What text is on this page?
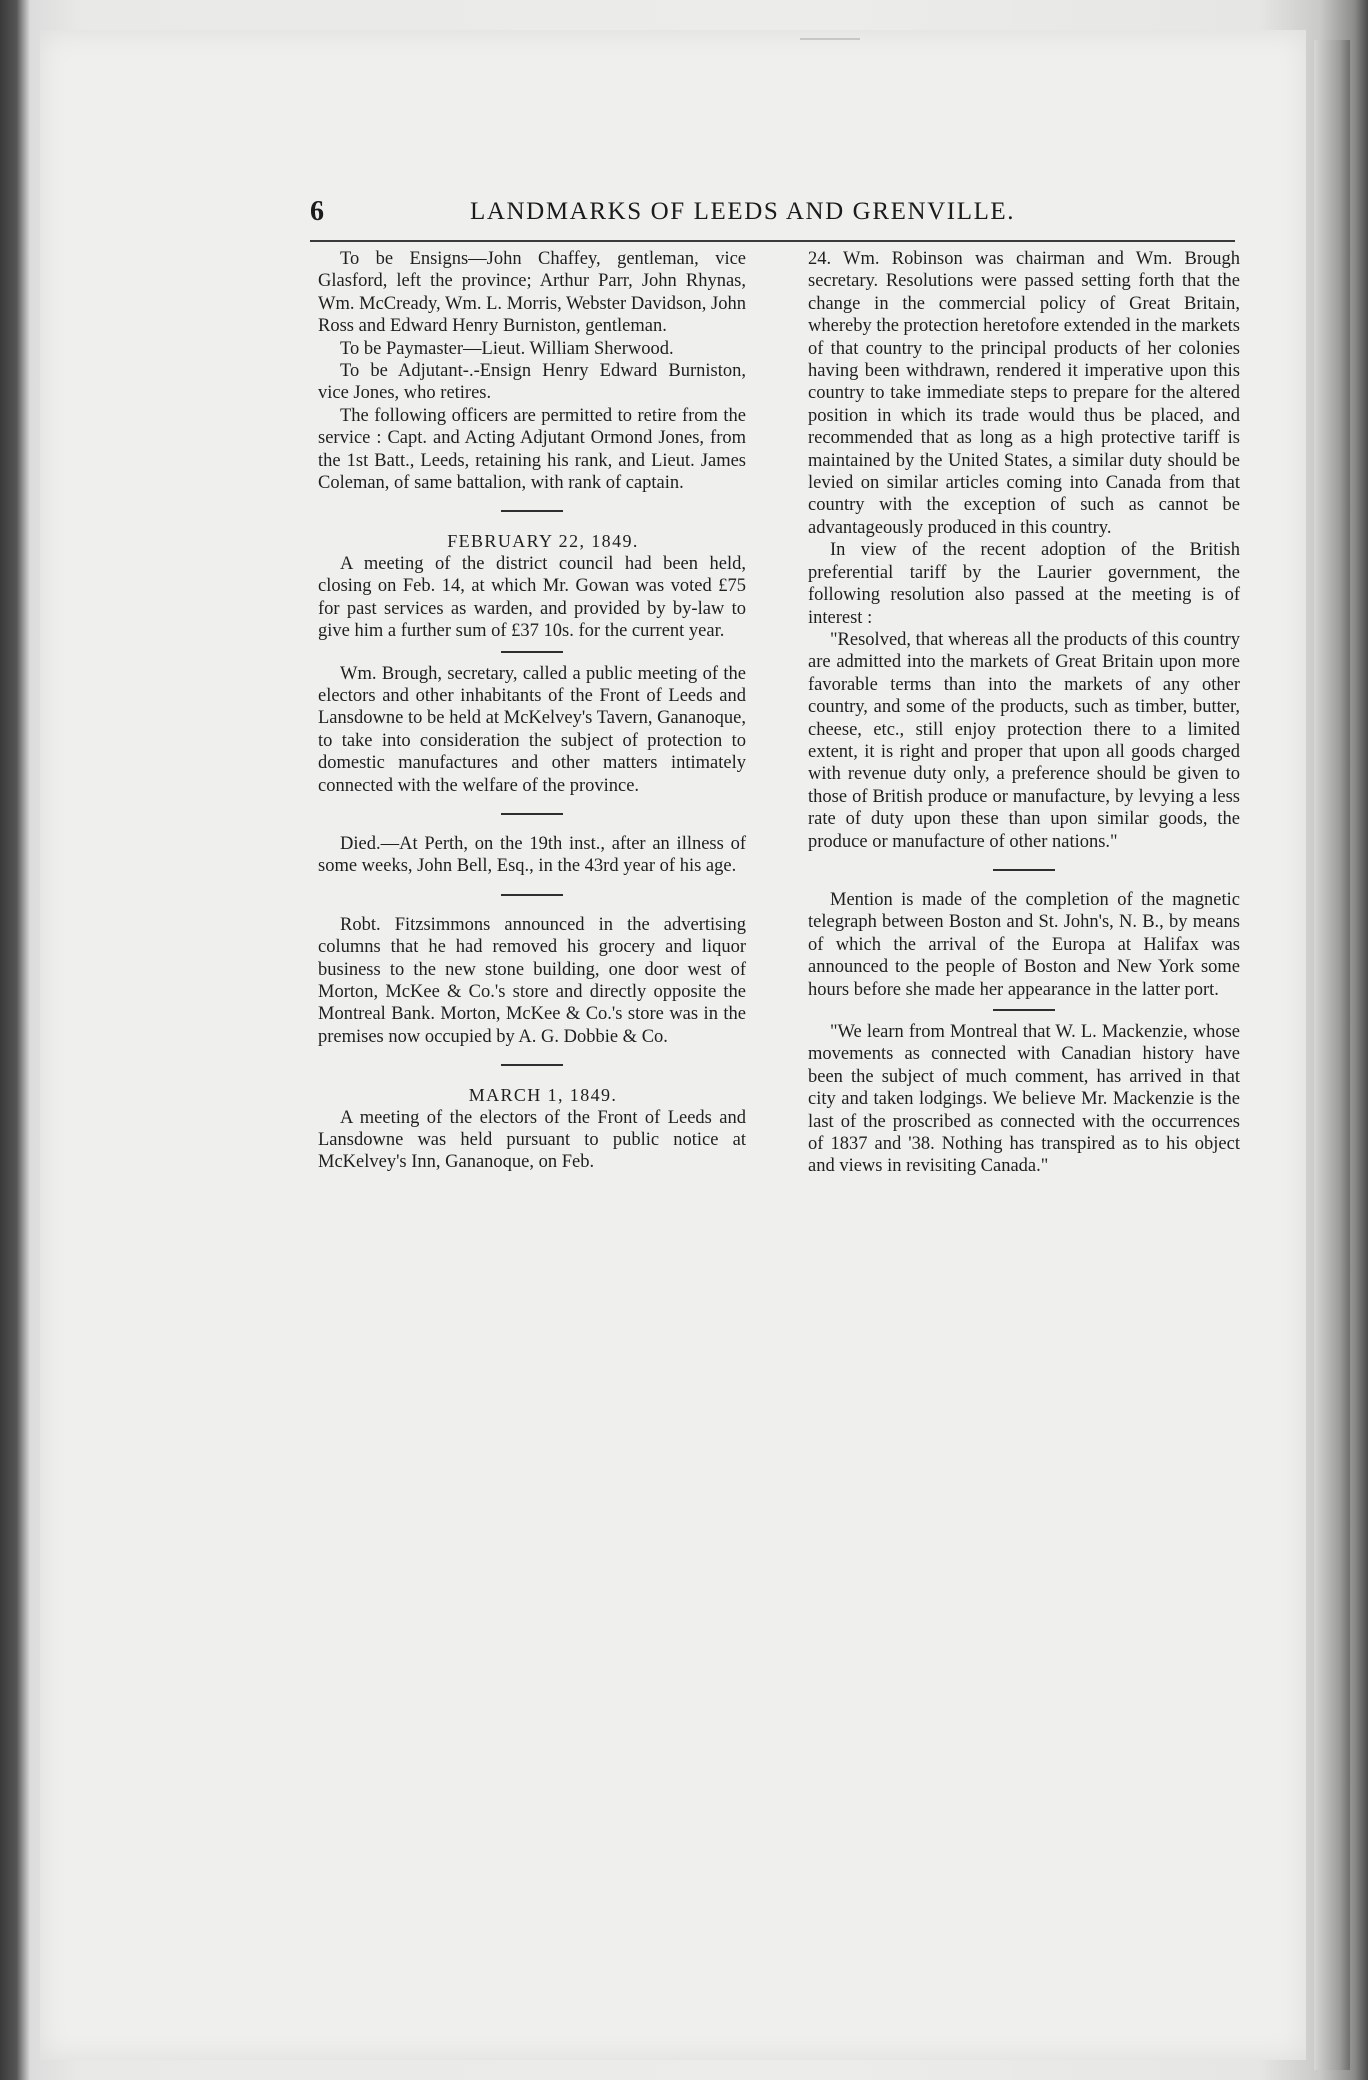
6	LANDMARKS OF LEEDS AND GRENVILLE.

To be Ensigns—John Chaffey, gentleman, vice Glasford, left the province; Arthur Parr, John Rhynas, Wm. McCready, Wm. L. Morris, Webster Davidson, John Ross and Edward Henry Burniston, gentleman.

To be Paymaster—Lieut. William Sherwood.

To be Adjutant-.-Ensign Henry Edward Burniston, vice Jones, who retires.

The following officers are permitted to retire from the service : Capt. and Acting Adjutant Ormond Jones, from the 1st Batt., Leeds, retaining his rank, and Lieut. James Coleman, of same battalion, with rank of captain.

FEBRUARY 22, 1849.

A meeting of the district council had been held, closing on Feb. 14, at which Mr. Gowan was voted £75 for past services as warden, and provided by by-law to give him a further sum of £37 10s. for the current year.

Wm. Brough, secretary, called a public meeting of the electors and other inhabitants of the Front of Leeds and Lansdowne to be held at McKelvey's Tavern, Gananoque, to take into consideration the subject of protection to domestic manufactures and other matters intimately connected with the welfare of the province.

Died.—At Perth, on the 19th inst., after an illness of some weeks, John Bell, Esq., in the 43rd year of his age.

Robt. Fitzsimmons announced in the advertising columns that he had removed his grocery and liquor business to the new stone building, one door west of Morton, McKee & Co.'s store and directly opposite the Montreal Bank. Morton, McKee & Co.'s store was in the premises now occupied by A. G. Dobbie & Co.

MARCH 1, 1849.

A meeting of the electors of the Front of Leeds and Lansdowne was held pursuant to public notice at McKelvey's Inn, Gananoque, on Feb.

24. Wm. Robinson was chairman and Wm. Brough secretary. Resolutions were passed setting forth that the change in the commercial policy of Great Britain, whereby the protection heretofore extended in the markets of that country to the principal products of her colonies having been withdrawn, rendered it imperative upon this country to take immediate steps to prepare for the altered position in which its trade would thus be placed, and recommended that as long as a high protective tariff is maintained by the United States, a similar duty should be levied on similar articles coming into Canada from that country with the exception of such as cannot be advantageously produced in this country.

In view of the recent adoption of the British preferential tariff by the Laurier government, the following resolution also passed at the meeting is of interest :

"Resolved, that whereas all the products of this country are admitted into the markets of Great Britain upon more favorable terms than into the markets of any other country, and some of the products, such as timber, butter, cheese, etc., still enjoy protection there to a limited extent, it is right and proper that upon all goods charged with revenue duty only, a preference should be given to those of British produce or manufacture, by levying a less rate of duty upon these than upon similar goods, the produce or manufacture of other nations."

Mention is made of the completion of the magnetic telegraph between Boston and St. John's, N. B., by means of which the arrival of the Europa at Halifax was announced to the people of Boston and New York some hours before she made her appearance in the latter port.

"We learn from Montreal that W. L. Mackenzie, whose movements as connected with Canadian history have been the subject of much comment, has arrived in that city and taken lodgings. We believe Mr. Mackenzie is the last of the proscribed as connected with the occurrences of 1837 and '38. Nothing has transpired as to his object and views in revisiting Canada."
